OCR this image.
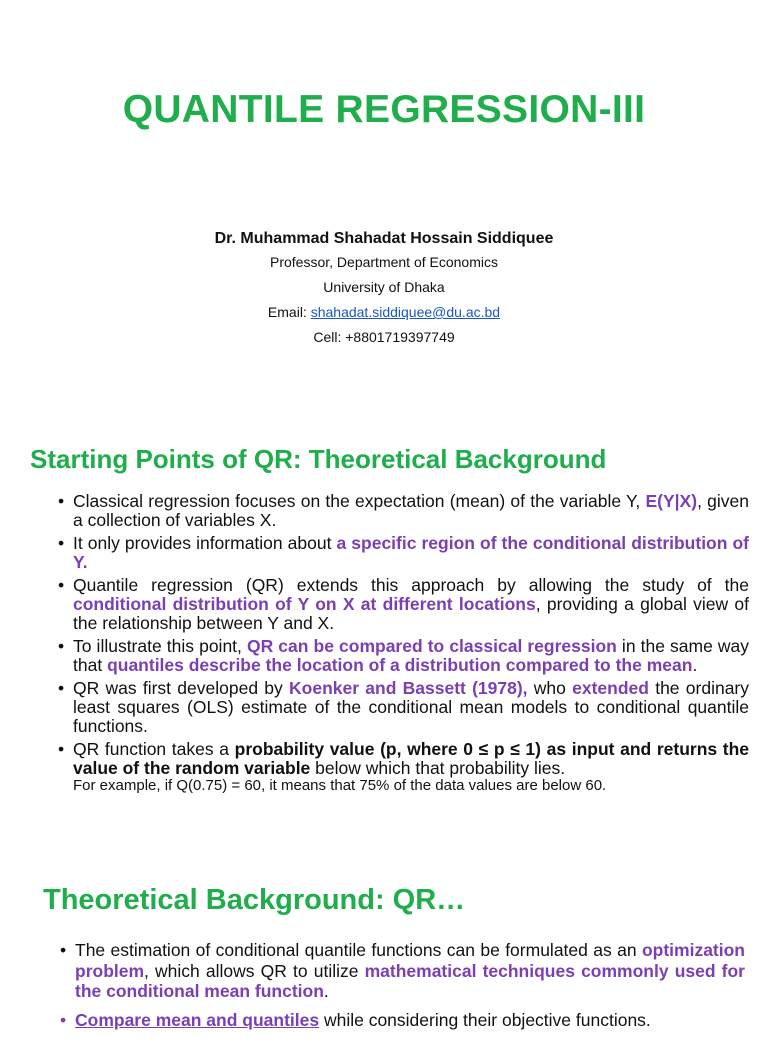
QUANTILE REGRESSION-III
Dr. Muhammad Shahadat Hossain Siddiquee
Professor, Department of Economics
University of Dhaka
Email: shahadat.siddiquee@du.ac.bd
Cell: +8801719397749
Starting Points of QR: Theoretical Background
• Classical regression focuses on the expectation (mean) of the variable Y, E(Y|X), given a collection of variables X.
• It only provides information about a specific region of the conditional distribution of Y.
• Quantile regression (QR) extends this approach by allowing the study of the conditional distribution of Y on X at different locations, providing a global view of the relationship between Y and X.
• To illustrate this point, QR can be compared to classical regression in the same way that quantiles describe the location of a distribution compared to the mean.
• QR was first developed by Koenker and Bassett (1978), who extended the ordinary least squares (OLS) estimate of the conditional mean models to conditional quantile functions.
• QR function takes a probability value (p, where 0 ≤ p ≤ 1) as input and returns the value of the random variable below which that probability lies.
For example, if Q(0.75) = 60, it means that 75% of the data values are below 60.
Theoretical Background: QR…
• The estimation of conditional quantile functions can be formulated as an optimization problem, which allows QR to utilize mathematical techniques commonly used for the conditional mean function.
• Compare mean and quantiles while considering their objective functions.
